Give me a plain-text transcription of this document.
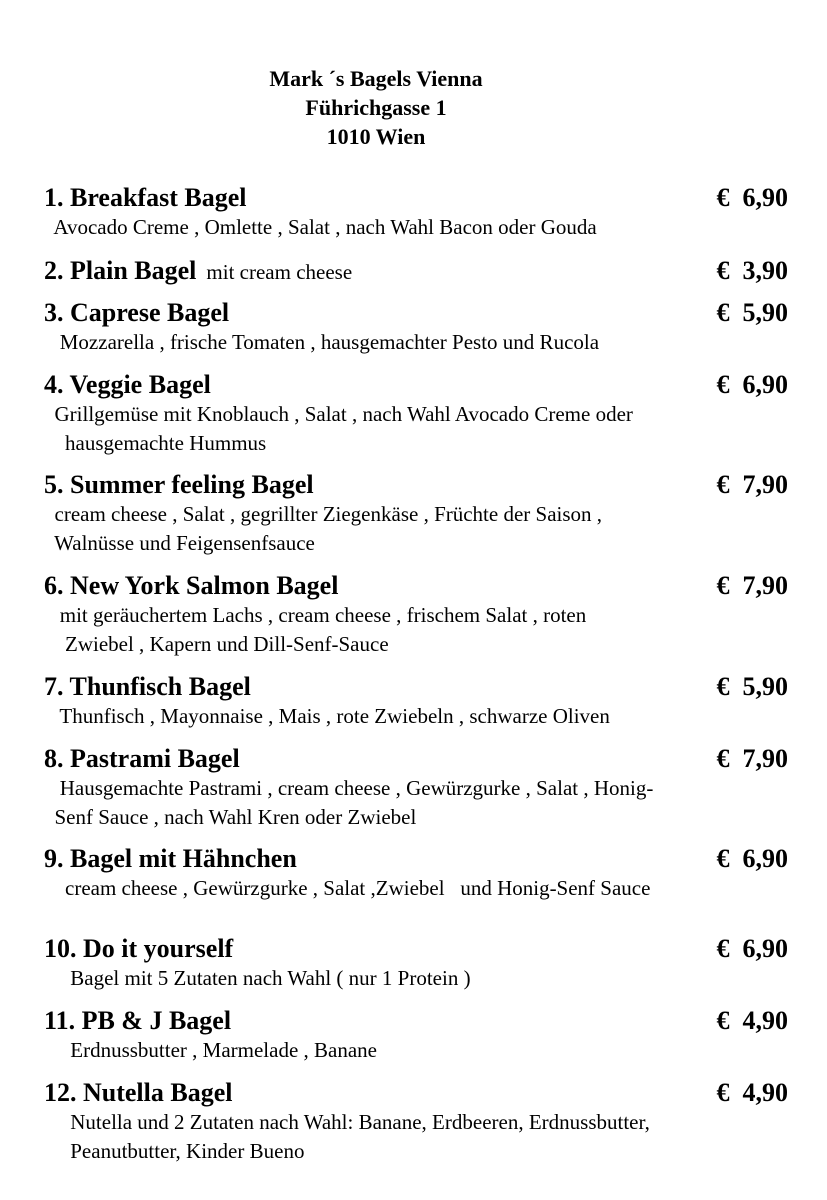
Mark ´s Bagels Vienna
Führichgasse 1
1010 Wien
1. Breakfast Bagel	€  6,90
Avocado Creme , Omlette , Salat , nach Wahl Bacon oder Gouda
2. Plain Bagel mit cream cheese	€  3,90
3. Caprese Bagel	€  5,90
Mozzarella , frische Tomaten , hausgemachter Pesto und Rucola
4. Veggie Bagel	€  6,90
Grillgemüse mit Knoblauch , Salat , nach Wahl Avocado Creme oder
hausgemachte Hummus
5. Summer feeling Bagel	€  7,90
cream cheese , Salat , gegrillter Ziegenkäse , Früchte der Saison ,
Walnüsse und Feigensenfsauce
6. New York Salmon Bagel	€  7,90
mit geräuchertem Lachs , cream cheese , frischem Salat , roten
Zwiebel , Kapern und Dill-Senf-Sauce
7. Thunfisch Bagel	€  5,90
Thunfisch , Mayonnaise , Mais , rote Zwiebeln , schwarze Oliven
8. Pastrami Bagel	€  7,90
Hausgemachte Pastrami , cream cheese , Gewürzgurke , Salat , Honig-
Senf Sauce , nach Wahl Kren oder Zwiebel
9. Bagel mit Hähnchen	€  6,90
cream cheese , Gewürzgurke , Salat ,Zwiebel   und Honig-Senf Sauce
10. Do it yourself	€  6,90
Bagel mit 5 Zutaten nach Wahl ( nur 1 Protein )
11. PB & J Bagel	€  4,90
Erdnussbutter , Marmelade , Banane
12. Nutella Bagel	€  4,90
Nutella und 2 Zutaten nach Wahl: Banane, Erdbeeren, Erdnussbutter,
Peanutbutter, Kinder Bueno
